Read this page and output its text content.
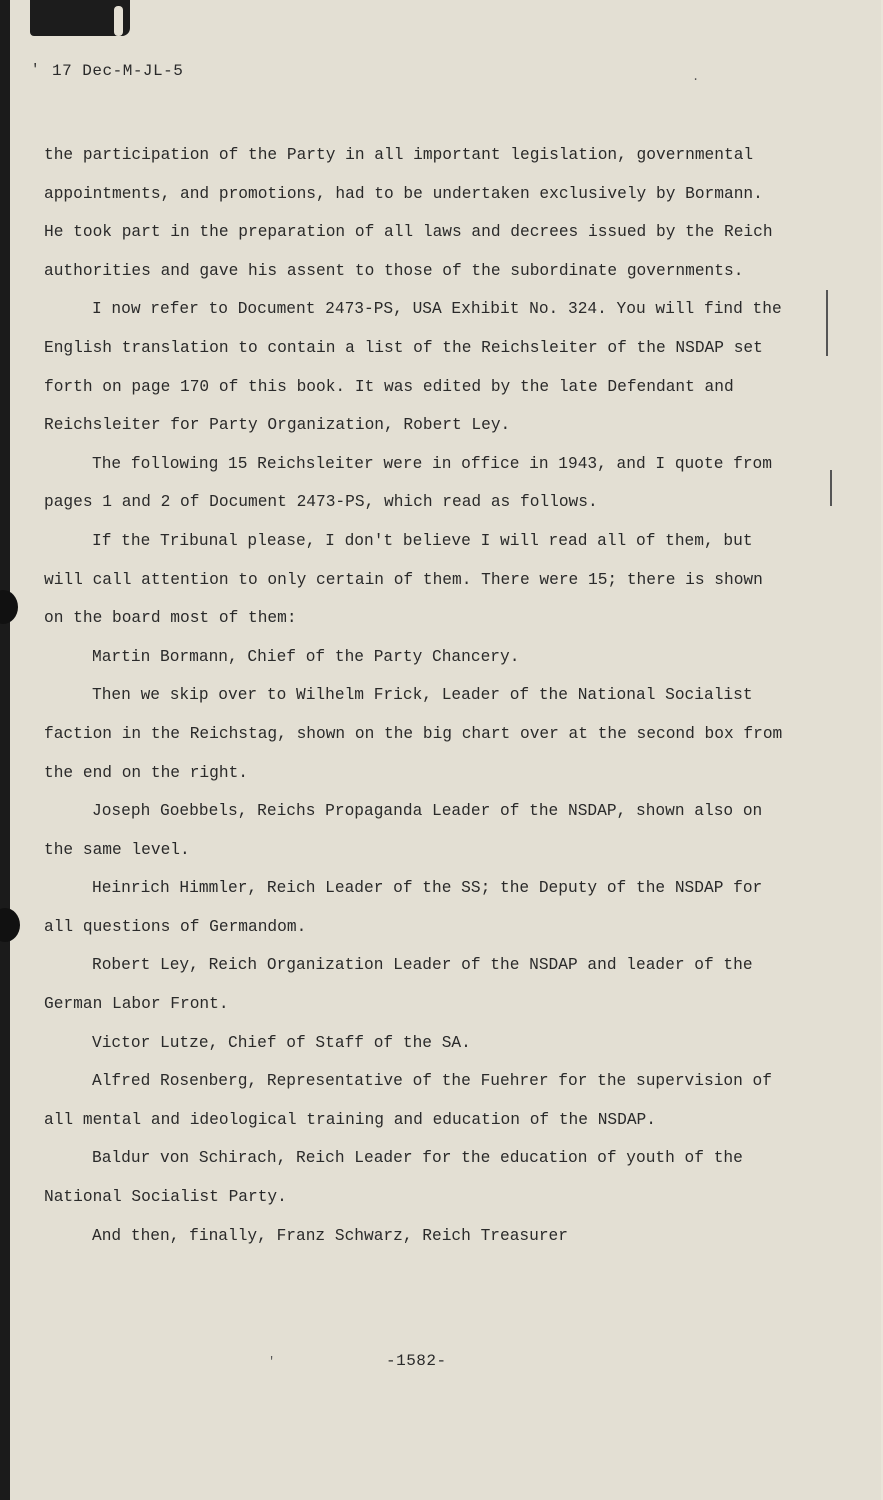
' 17 Dec-M-JL-5	.

the participation of the Party in all important legislation, governmental appointments, and promotions, had to be undertaken exclusively by Bormann. He took part in the preparation of all laws and decrees issued by the Reich authorities and gave his assent to those of the subordinate governments.

I now refer to Document 2473-PS, USA Exhibit No. 324. You will find the English translation to contain a list of the Reichsleiter of the NSDAP set forth on page 170 of this book. It was edited by the late Defendant and Reichsleiter for Party Organization, Robert Ley.

The following 15 Reichsleiter were in office in 1943, and I quote from pages 1 and 2 of Document 2473-PS, which read as follows.

If the Tribunal please, I don't believe I will read all of them, but will call attention to only certain of them. There were 15; there is shown on the board most of them:

Martin Bormann, Chief of the Party Chancery.

Then we skip over to Wilhelm Frick, Leader of the National Socialist faction in the Reichstag, shown on the big chart over at the second box from the end on the right.

Joseph Goebbels, Reichs Propaganda Leader of the NSDAP, shown also on the same level.

Heinrich Himmler, Reich Leader of the SS; the Deputy of the NSDAP for all questions of Germandom.

Robert Ley, Reich Organization Leader of the NSDAP and leader of the German Labor Front.

Victor Lutze, Chief of Staff of the SA.

Alfred Rosenberg, Representative of the Fuehrer for the supervision of all mental and ideological training and education of the NSDAP.

Baldur von Schirach, Reich Leader for the education of youth of the National Socialist Party.

And then, finally, Franz Schwarz, Reich Treasurer

'	-1582-
